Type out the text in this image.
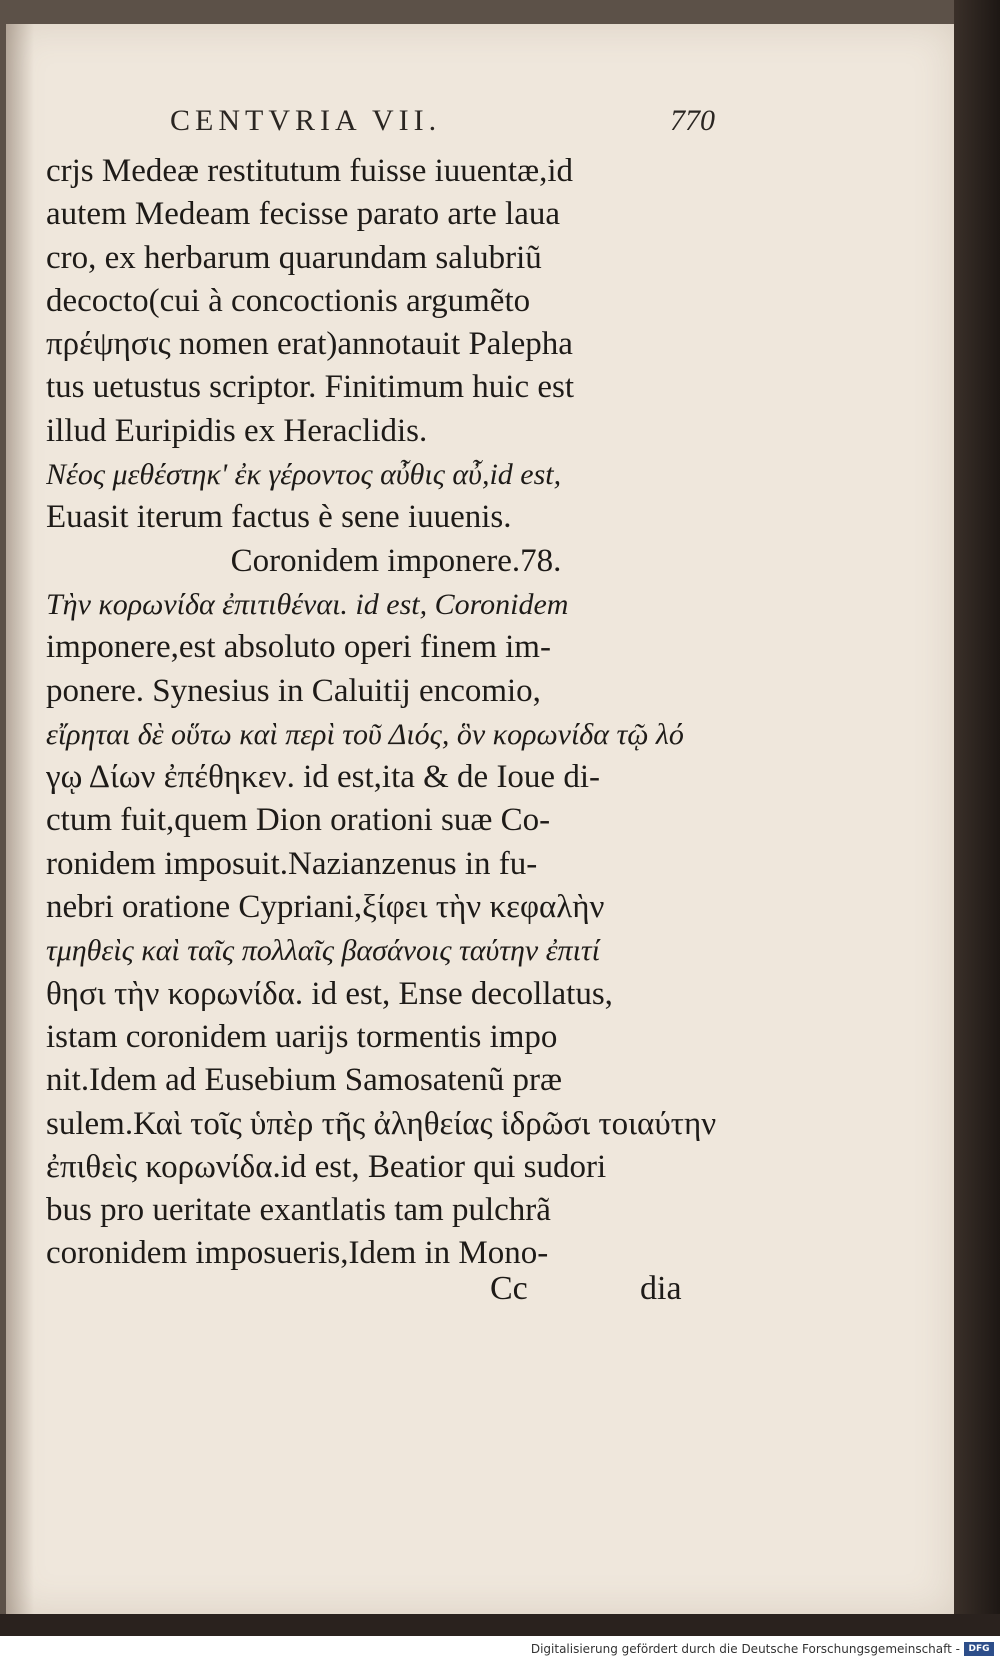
CENTVRIA VII.	770
crjs Medeæ restitutum fuisse iuuentæ,id
autem Medeam fecisse parato arte laua
cro, ex herbarum quarundam salubriũ
decocto(cui à concoctionis argumẽto
πρέψησις nomen erat)annotauit Palepha
tus uetustus scriptor. Finitimum huic est
illud Euripidis ex Heraclidis.
Νέος μεθέστηκ' ἐκ γέροντος αὖθις αὖ,id est,
Euasit iterum factus è sene iuuenis.
Coronidem imponere.78.
Τὴν κορωνίδα ἐπιτιθέναι. id est, Coronidem
imponere,est absoluto operi finem im-
ponere. Synesius in Caluitij encomio,
εἴρηται δὲ οὕτω καὶ περὶ τοῦ Διός, ὃν κορωνίδα τῷ λό
γῳ Δίων ἐπέθηκεν. id est,ita & de Ioue di-
ctum fuit,quem Dion orationi suæ Co-
ronidem imposuit.Nazianzenus in fu-
nebri oratione Cypriani,ξίφει τὴν κεφαλὴν
τμηθεὶς καὶ ταῖς πολλαῖς βασάνοις ταύτην ἐπιτί
θησι τὴν κορωνίδα. id est, Ense decollatus,
istam coronidem uarijs tormentis impo
nit.Idem ad Eusebium Samosatenũ præ
sulem.Καὶ τοῖς ὑπὲρ τῆς ἀληθείας ἱδρῶσι τοιαύτην
ἐπιθεὶς κορωνίδα.id est, Beatior qui sudori
bus pro ueritate exantlatis tam pulchrã
coronidem imposueris,Idem in Mono-
Cc	dia
Digitalisierung gefördert durch die Deutsche Forschungsgemeinschaft - DFG
